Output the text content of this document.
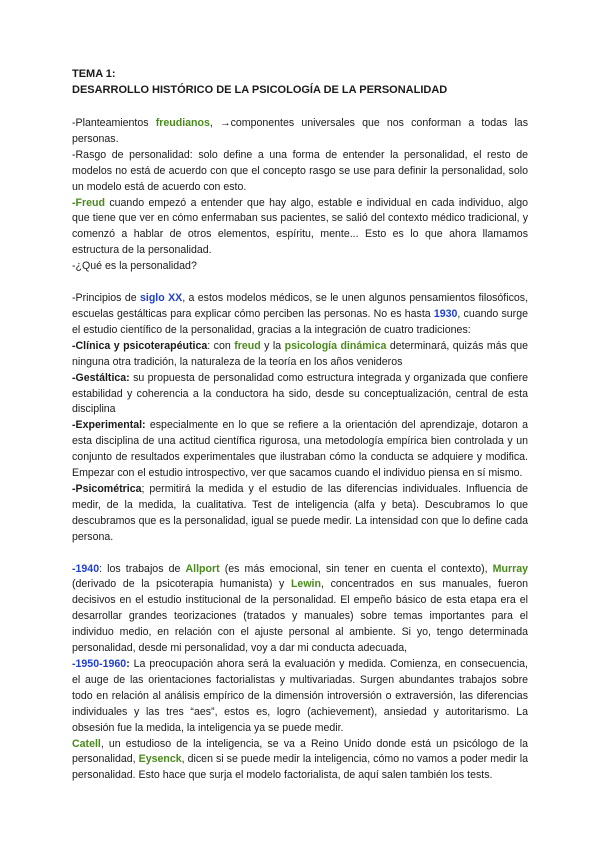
TEMA 1:
DESARROLLO HISTÓRICO DE LA PSICOLOGÍA DE LA PERSONALIDAD

-Planteamientos freudianos, →componentes universales que nos conforman a todas las personas.

-Rasgo de personalidad: solo define a una forma de entender la personalidad, el resto de modelos no está de acuerdo con que el concepto rasgo se use para definir la personalidad, solo un modelo está de acuerdo con esto.

-Freud cuando empezó a entender que hay algo, estable e individual en cada individuo, algo que tiene que ver en cómo enfermaban sus pacientes, se salió del contexto médico tradicional, y comenzó a hablar de otros elementos, espíritu, mente... Esto es lo que ahora llamamos estructura de la personalidad.

-¿Qué es la personalidad?

-Principios de siglo XX, a estos modelos médicos, se le unen algunos pensamientos filosóficos, escuelas gestálticas para explicar cómo perciben las personas. No es hasta 1930, cuando surge el estudio científico de la personalidad, gracias a la integración de cuatro tradiciones:

-Clínica y psicoterapéutica: con freud y la psicología dinámica determinará, quizás más que ninguna otra tradición, la naturaleza de la teoría en los años venideros

-Gestáltica: su propuesta de personalidad como estructura integrada y organizada que confiere estabilidad y coherencia a la conductora ha sido, desde su conceptualización, central de esta disciplina

-Experimental: especialmente en lo que se refiere a la orientación del aprendizaje, dotaron a esta disciplina de una actitud científica rigurosa, una metodología empírica bien controlada y un conjunto de resultados experimentales que ilustraban cómo la conducta se adquiere y modifica. Empezar con el estudio introspectivo, ver que sacamos cuando el individuo piensa en sí mismo.

-Psicométrica; permitirá la medida y el estudio de las diferencias individuales. Influencia de medir, de la medida, la cualitativa. Test de inteligencia (alfa y beta). Descubramos lo que descubramos que es la personalidad, igual se puede medir. La intensidad con que lo define cada persona.

-1940: los trabajos de Allport (es más emocional, sin tener en cuenta el contexto), Murray (derivado de la psicoterapia humanista) y Lewin, concentrados en sus manuales, fueron decisivos en el estudio institucional de la personalidad. El empeño básico de esta etapa era el desarrollar grandes teorizaciones (tratados y manuales) sobre temas importantes para el individuo medio, en relación con el ajuste personal al ambiente. Si yo, tengo determinada personalidad, desde mi personalidad, voy a dar mi conducta adecuada,

-1950-1960: La preocupación ahora será la evaluación y medida. Comienza, en consecuencia, el auge de las orientaciones factorialistas y multivariadas. Surgen abundantes trabajos sobre todo en relación al análisis empírico de la dimensión introversión o extraversión, las diferencias individuales y las tres “aes”, estos es, logro (achievement), ansiedad y autoritarismo. La obsesión fue la medida, la inteligencia ya se puede medir.

Catell, un estudioso de la inteligencia, se va a Reino Unido donde está un psicólogo de la personalidad, Eysenck, dicen si se puede medir la inteligencia, cómo no vamos a poder medir la personalidad. Esto hace que surja el modelo factorialista, de aquí salen también los tests.
